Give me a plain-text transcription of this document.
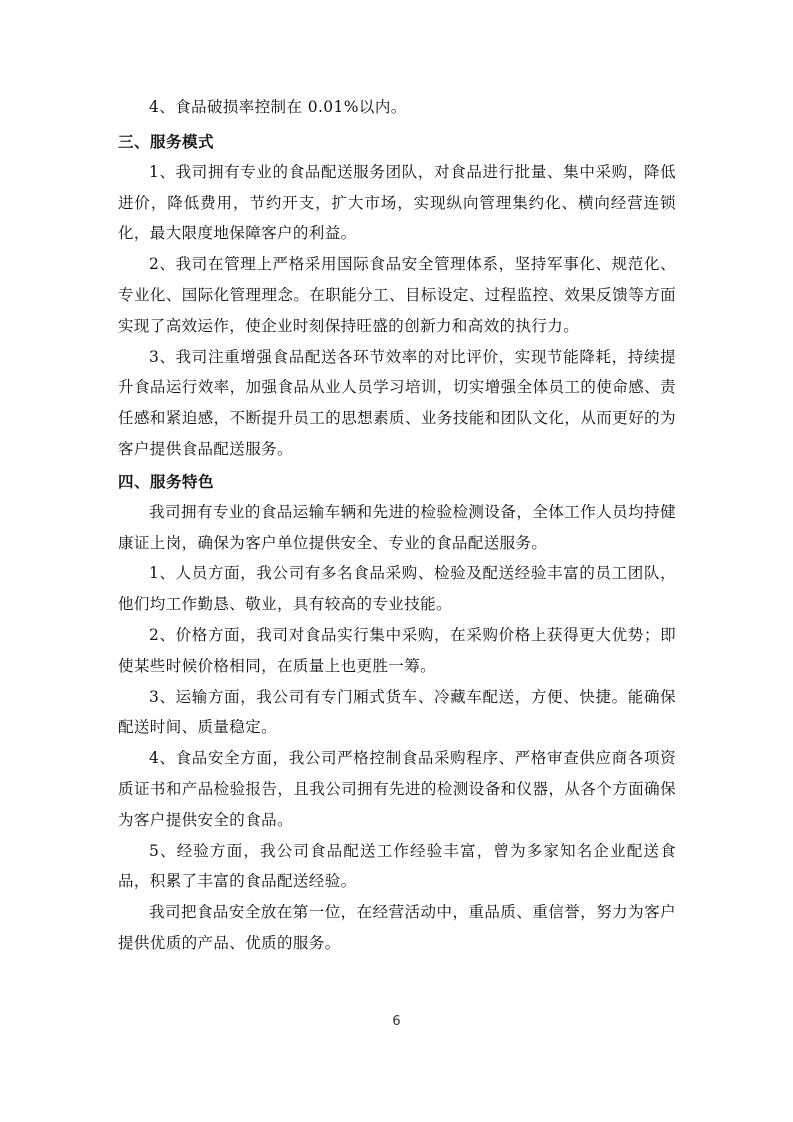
4、食品破损率控制在 0.01%以内。

三、服务模式

1、我司拥有专业的食品配送服务团队，对食品进行批量、集中采购，降低进价，降低费用，节约开支，扩大市场，实现纵向管理集约化、横向经营连锁化，最大限度地保障客户的利益。

2、我司在管理上严格采用国际食品安全管理体系，坚持军事化、规范化、专业化、国际化管理理念。在职能分工、目标设定、过程监控、效果反馈等方面实现了高效运作，使企业时刻保持旺盛的创新力和高效的执行力。

3、我司注重增强食品配送各环节效率的对比评价，实现节能降耗，持续提升食品运行效率，加强食品从业人员学习培训，切实增强全体员工的使命感、责任感和紧迫感，不断提升员工的思想素质、业务技能和团队文化，从而更好的为客户提供食品配送服务。

四、服务特色

我司拥有专业的食品运输车辆和先进的检验检测设备，全体工作人员均持健康证上岗，确保为客户单位提供安全、专业的食品配送服务。

1、人员方面，我公司有多名食品采购、检验及配送经验丰富的员工团队，他们均工作勤恳、敬业，具有较高的专业技能。

2、价格方面，我司对食品实行集中采购，在采购价格上获得更大优势；即使某些时候价格相同，在质量上也更胜一筹。

3、运输方面，我公司有专门厢式货车、冷藏车配送，方便、快捷。能确保配送时间、质量稳定。

4、食品安全方面，我公司严格控制食品采购程序、严格审查供应商各项资质证书和产品检验报告，且我公司拥有先进的检测设备和仪器，从各个方面确保为客户提供安全的食品。

5、经验方面，我公司食品配送工作经验丰富，曾为多家知名企业配送食品，积累了丰富的食品配送经验。

我司把食品安全放在第一位，在经营活动中，重品质、重信誉，努力为客户提供优质的产品、优质的服务。

6
